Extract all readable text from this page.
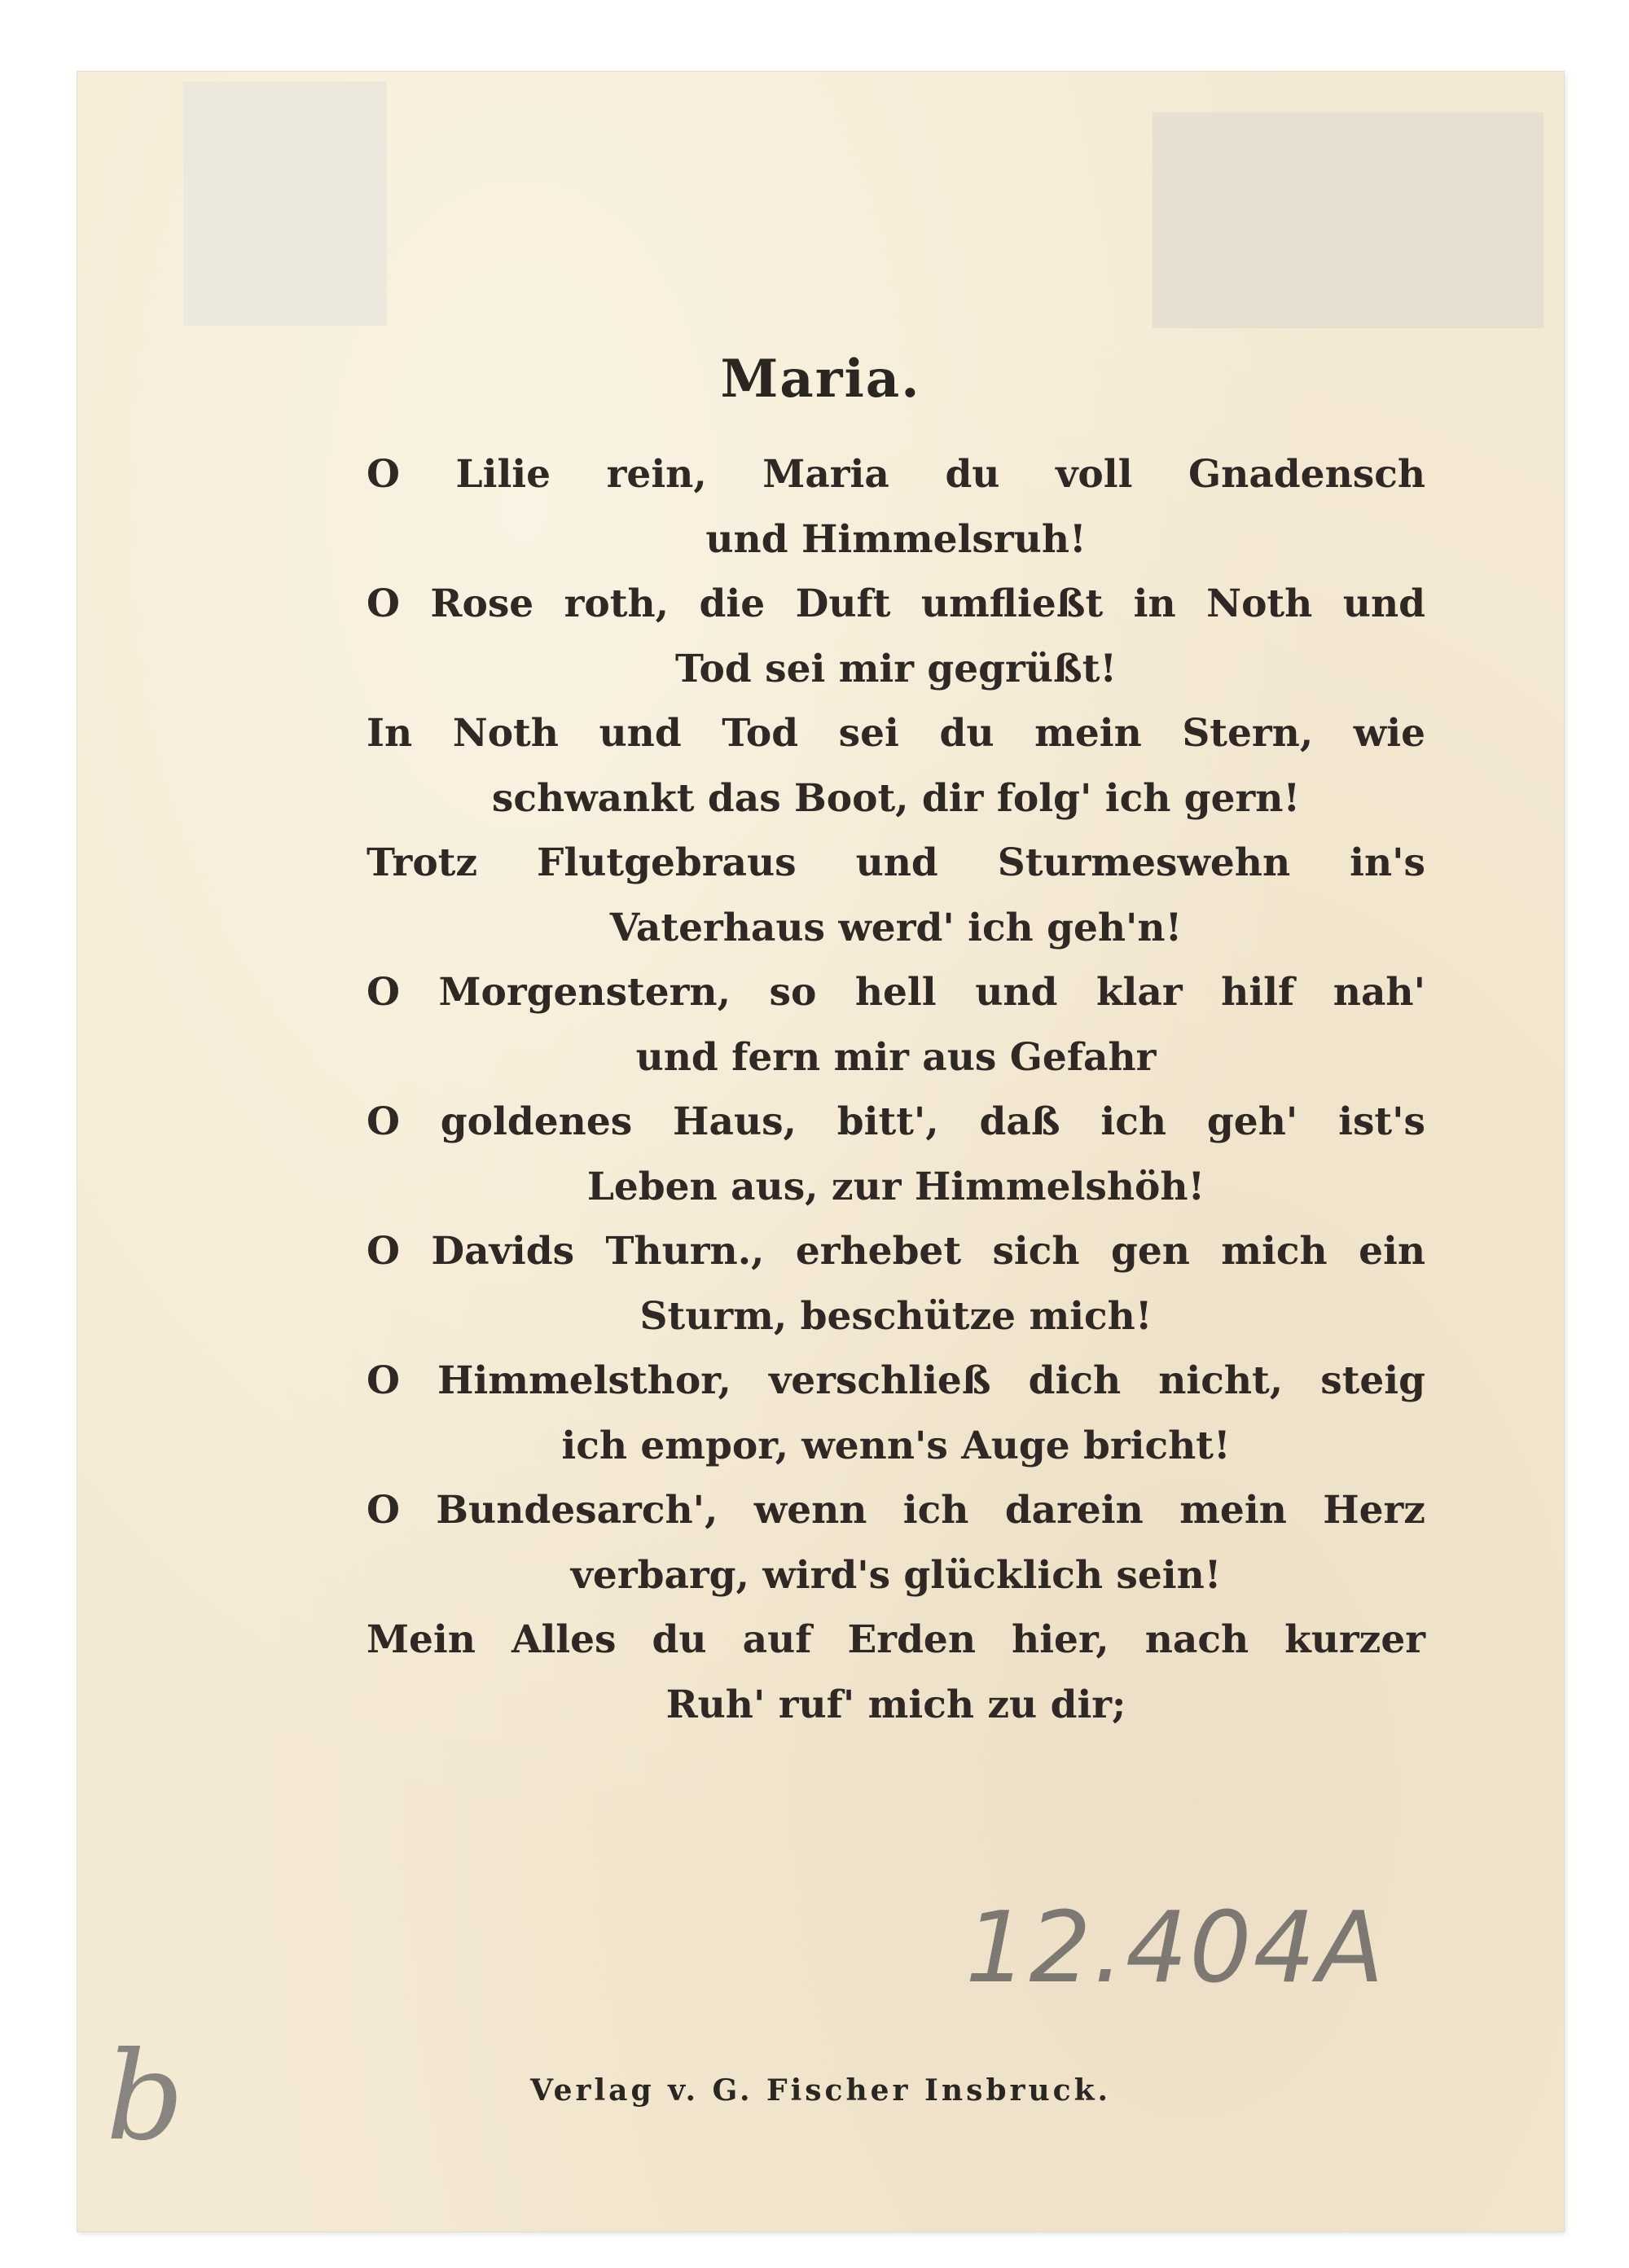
Maria.
O Lilie rein, Maria du voll Gnadensch
und Himmelsruh!
O Rose roth, die Duft umfließt in Noth und
Tod sei mir gegrüßt!
In Noth und Tod sei du mein Stern, wie
schwankt das Boot, dir folg' ich gern!
Trotz Flutgebraus und Sturmeswehn in's
Vaterhaus werd' ich geh'n!
O Morgenstern, so hell und klar hilf nah'
und fern mir aus Gefahr
O goldenes Haus, bitt', daß ich geh' ist's
Leben aus, zur Himmelshöh!
O Davids Thurn., erhebet sich gen mich ein
Sturm, beschütze mich!
O Himmelsthor, verschließ dich nicht, steig
ich empor, wenn's Auge bricht!
O Bundesarch', wenn ich darein mein Herz
verbarg, wird's glücklich sein!
Mein Alles du auf Erden hier, nach kurzer
Ruh' ruf' mich zu dir;
12.404A
b	Verlag v. G. Fischer Insbruck.
